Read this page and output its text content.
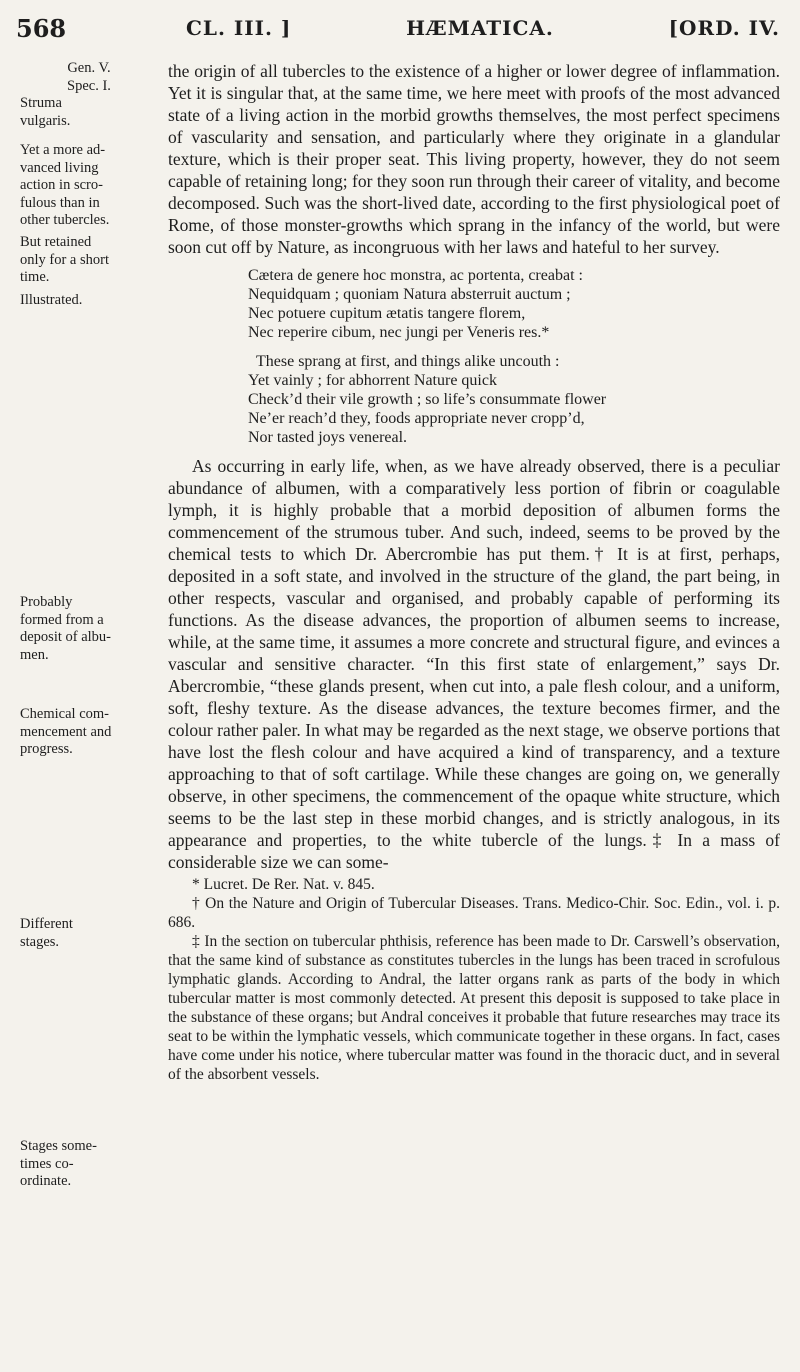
568	CL. III. ]	HÆMATICA.	[ORD. IV.
Gen. V.
Spec. I.
Struma
vulgaris.
Yet a more ad-
vanced living
action in scro-
fulous than in
other tubercles.
But retained
only for a short
time.
Illustrated.
Probably
formed from a
deposit of albu-
men.
Chemical com-
mencement and
progress.
Different
stages.
Stages some-
times co-
ordinate.

the origin of all tubercles to the existence of a higher or lower degree of inflammation. Yet it is singular that, at the same time, we here meet with proofs of the most advanced state of a living action in the morbid growths themselves, the most perfect specimens of vascularity and sensation, and particularly where they originate in a glandular texture, which is their proper seat. This living property, however, they do not seem capable of retaining long; for they soon run through their career of vitality, and become decomposed. Such was the short-lived date, according to the first physiological poet of Rome, of those monster-growths which sprang in the infancy of the world, but were soon cut off by Nature, as incongruous with her laws and hateful to her survey.

Cætera de genere hoc monstra, ac portenta, creabat :
Nequidquam ; quoniam Natura absterruit auctum ;
Nec potuere cupitum ætatis tangere florem,
Nec reperire cibum, nec jungi per Veneris res.*
These sprang at first, and things alike uncouth :
Yet vainly ; for abhorrent Nature quick
Check’d their vile growth ; so life’s consummate flower
Ne’er reach’d they, foods appropriate never cropp’d,
Nor tasted joys venereal.

As occurring in early life, when, as we have already observed, there is a peculiar abundance of albumen, with a comparatively less portion of fibrin or coagulable lymph, it is highly probable that a morbid deposition of albumen forms the commencement of the strumous tuber. And such, indeed, seems to be proved by the chemical tests to which Dr. Abercrombie has put them.† It is at first, perhaps, deposited in a soft state, and involved in the structure of the gland, the part being, in other respects, vascular and organised, and probably capable of performing its functions. As the disease advances, the proportion of albumen seems to increase, while, at the same time, it assumes a more concrete and structural figure, and evinces a vascular and sensitive character. “In this first state of enlargement,” says Dr. Abercrombie, “these glands present, when cut into, a pale flesh colour, and a uniform, soft, fleshy texture. As the disease advances, the texture becomes firmer, and the colour rather paler. In what may be regarded as the next stage, we observe portions that have lost the flesh colour and have acquired a kind of transparency, and a texture approaching to that of soft cartilage. While these changes are going on, we generally observe, in other specimens, the commencement of the opaque white structure, which seems to be the last step in these morbid changes, and is strictly analogous, in its appearance and properties, to the white tubercle of the lungs.‡ In a mass of considerable size we can some-

* Lucret. De Rer. Nat. v. 845.

† On the Nature and Origin of Tubercular Diseases. Trans. Medico-Chir. Soc. Edin., vol. i. p. 686.

‡ In the section on tubercular phthisis, reference has been made to Dr. Carswell’s observation, that the same kind of substance as constitutes tubercles in the lungs has been traced in scrofulous lymphatic glands. According to Andral, the latter organs rank as parts of the body in which tubercular matter is most commonly detected. At present this deposit is supposed to take place in the substance of these organs; but Andral conceives it probable that future researches may trace its seat to be within the lymphatic vessels, which communicate together in these organs. In fact, cases have come under his notice, where tubercular matter was found in the thoracic duct, and in several of the absorbent vessels.
